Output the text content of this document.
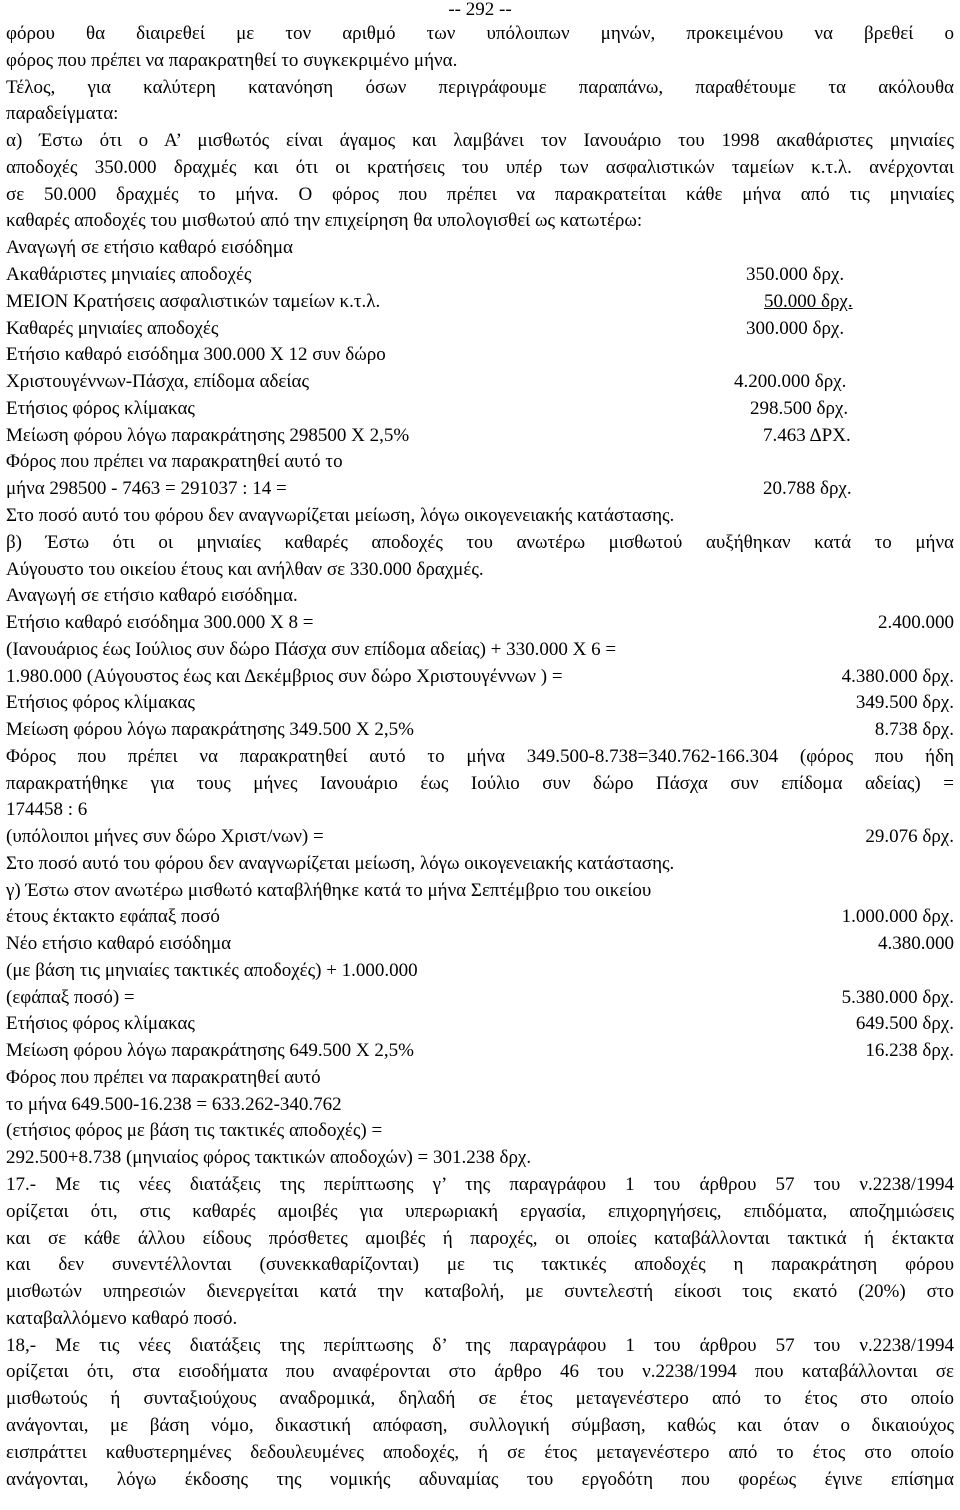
-- 292 --
φόρου θα διαιρεθεί με τον αριθμό των υπόλοιπων μηνών, προκειμένου να βρεθεί ο
φόρος που πρέπει να παρακρατηθεί το συγκεκριμένο μήνα.
Τέλος, για καλύτερη κατανόηση όσων περιγράφουμε παραπάνω, παραθέτουμε τα ακόλουθα
παραδείγματα:
α) Έστω ότι ο Α’ μισθωτός είναι άγαμος και λαμβάνει τον Ιανουάριο του 1998 ακαθάριστες μηνιαίες
αποδοχές 350.000 δραχμές και ότι οι κρατήσεις του υπέρ των ασφαλιστικών ταμείων κ.τ.λ. ανέρχονται
σε 50.000 δραχμές το μήνα. Ο φόρος που πρέπει να παρακρατείται κάθε μήνα από τις μηνιαίες
καθαρές αποδοχές του μισθωτού από την επιχείρηση θα υπολογισθεί ως κατωτέρω:
Αναγωγή σε ετήσιο καθαρό εισόδημα
Ακαθάριστες μηνιαίες αποδοχές	350.000 δρχ.
ΜΕΙΟΝ Κρατήσεις ασφαλιστικών ταμείων κ.τ.λ.	50.000 δρχ.
Καθαρές μηνιαίες αποδοχές	300.000 δρχ.
Ετήσιο καθαρό εισόδημα 300.000 Χ 12 συν δώρο
Χριστουγέννων-Πάσχα, επίδομα αδείας	4.200.000 δρχ.
Ετήσιος φόρος κλίμακας	298.500 δρχ.
Μείωση φόρου λόγω παρακράτησης 298500 Χ 2,5%	7.463 ΔΡΧ.
Φόρος που πρέπει να παρακρατηθεί αυτό το
μήνα 298500 - 7463 = 291037 : 14 =	20.788 δρχ.
Στο ποσό αυτό του φόρου δεν αναγνωρίζεται μείωση, λόγω οικογενειακής κατάστασης.
β) Έστω ότι οι μηνιαίες καθαρές αποδοχές του ανωτέρω μισθωτού αυξήθηκαν κατά το μήνα
Αύγουστο του οικείου έτους και ανήλθαν σε 330.000 δραχμές.
Αναγωγή σε ετήσιο καθαρό εισόδημα.
Ετήσιο καθαρό εισόδημα 300.000 Χ 8 =	2.400.000
(Ιανουάριος έως Ιούλιος συν δώρο Πάσχα συν επίδομα αδείας) + 330.000 Χ 6 =
1.980.000 (Αύγουστος έως και Δεκέμβριος συν δώρο Χριστουγέννων ) =	4.380.000 δρχ.
Ετήσιος φόρος κλίμακας	349.500 δρχ.
Μείωση φόρου λόγω παρακράτησης 349.500 Χ 2,5%	8.738 δρχ.
Φόρος που πρέπει να παρακρατηθεί αυτό το μήνα 349.500-8.738=340.762-166.304 (φόρος που ήδη
παρακρατήθηκε για τους μήνες Ιανουάριο έως Ιούλιο συν δώρο Πάσχα συν επίδομα αδείας) =
174458 : 6
(υπόλοιποι μήνες συν δώρο Χριστ/νων) =	29.076 δρχ.
Στο ποσό αυτό του φόρου δεν αναγνωρίζεται μείωση, λόγω οικογενειακής κατάστασης.
γ) Έστω στον ανωτέρω μισθωτό καταβλήθηκε κατά το μήνα Σεπτέμβριο του οικείου
έτους έκτακτο εφάπαξ ποσό	1.000.000 δρχ.
Νέο ετήσιο καθαρό εισόδημα	4.380.000
(με βάση τις μηνιαίες τακτικές αποδοχές) + 1.000.000
(εφάπαξ ποσό) =	5.380.000 δρχ.
Ετήσιος φόρος κλίμακας	649.500 δρχ.
Μείωση φόρου λόγω παρακράτησης 649.500 Χ 2,5%	16.238 δρχ.
Φόρος που πρέπει να παρακρατηθεί αυτό
το μήνα 649.500-16.238 = 633.262-340.762
(ετήσιος φόρος με βάση τις τακτικές αποδοχές) =
292.500+8.738 (μηνιαίος φόρος τακτικών αποδοχών) = 301.238 δρχ.
17.- Με τις νέες διατάξεις της περίπτωσης γ’ της παραγράφου 1 του άρθρου 57 του ν.2238/1994
ορίζεται ότι, στις καθαρές αμοιβές για υπερωριακή εργασία, επιχορηγήσεις, επιδόματα, αποζημιώσεις
και σε κάθε άλλου είδους πρόσθετες αμοιβές ή παροχές, οι οποίες καταβάλλονται τακτικά ή έκτακτα
και δεν συνεντέλλονται (συνεκκαθαρίζονται) με τις τακτικές αποδοχές η παρακράτηση φόρου
μισθωτών υπηρεσιών διενεργείται κατά την καταβολή, με συντελεστή είκοσι τοις εκατό (20%) στο
καταβαλλόμενο καθαρό ποσό.
18,- Με τις νέες διατάξεις της περίπτωσης δ’ της παραγράφου 1 του άρθρου 57 του ν.2238/1994
ορίζεται ότι, στα εισοδήματα που αναφέρονται στο άρθρο 46 του ν.2238/1994 που καταβάλλονται σε
μισθωτούς ή συνταξιούχους αναδρομικά, δηλαδή σε έτος μεταγενέστερο από το έτος στο οποίο
ανάγονται, με βάση νόμο, δικαστική απόφαση, συλλογική σύμβαση, καθώς και όταν ο δικαιούχος
εισπράττει καθυστερημένες δεδουλευμένες αποδοχές, ή σε έτος μεταγενέστερο από το έτος στο οποίο
ανάγονται, λόγω έκδοσης της νομικής αδυναμίας του εργοδότη που φορέως έγινε επίσημα
